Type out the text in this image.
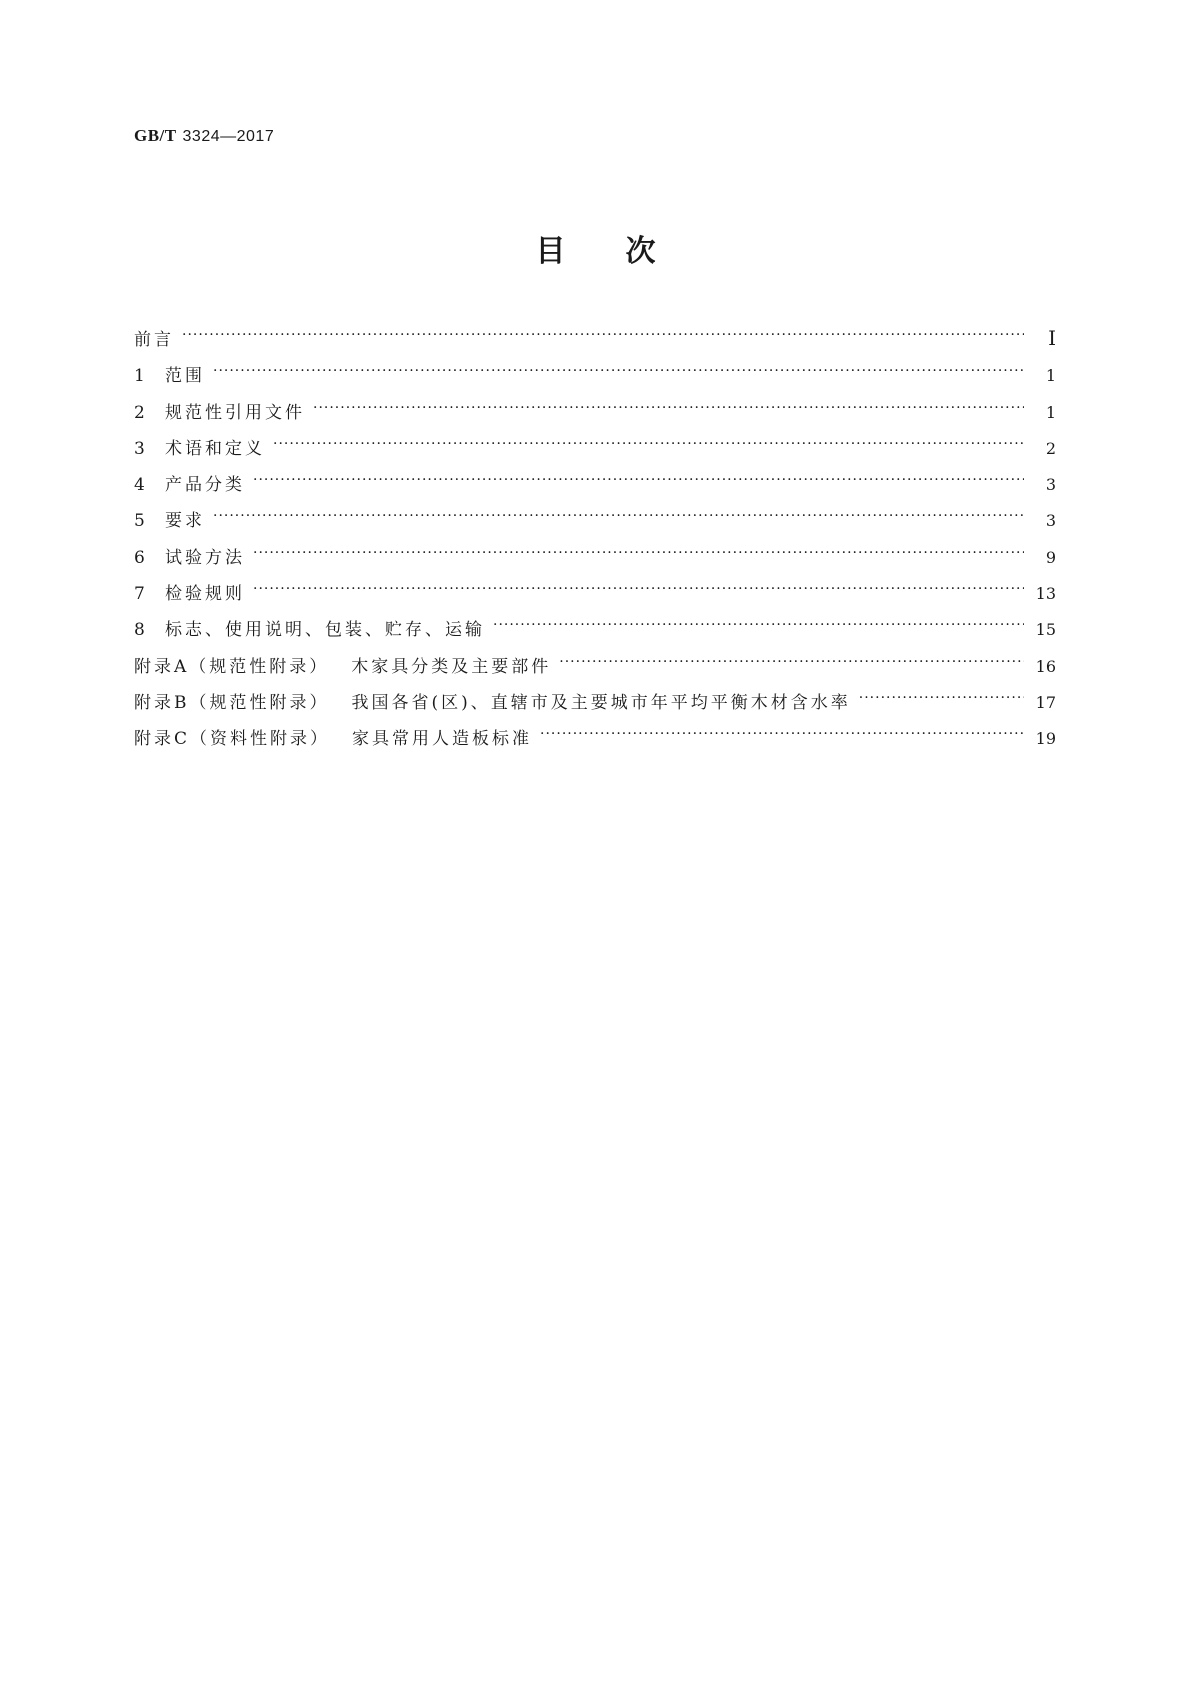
GB/T 3324—2017
目次
前言 ·····	Ⅰ
1	范围 ·····	1
2	规范性引用文件 ·····	1
3	术语和定义 ·····	2
4	产品分类 ·····	3
5	要求 ·····	3
6	试验方法 ·····	9
7	检验规则 ·····	13
8	标志、使用说明、包装、贮存、运输 ·····	15
附录A（规范性附录） 木家具分类及主要部件 ·····	16
附录B（规范性附录） 我国各省(区)、直辖市及主要城市年平均平衡木材含水率 ·····	17
附录C（资料性附录） 家具常用人造板标准 ·····	19
